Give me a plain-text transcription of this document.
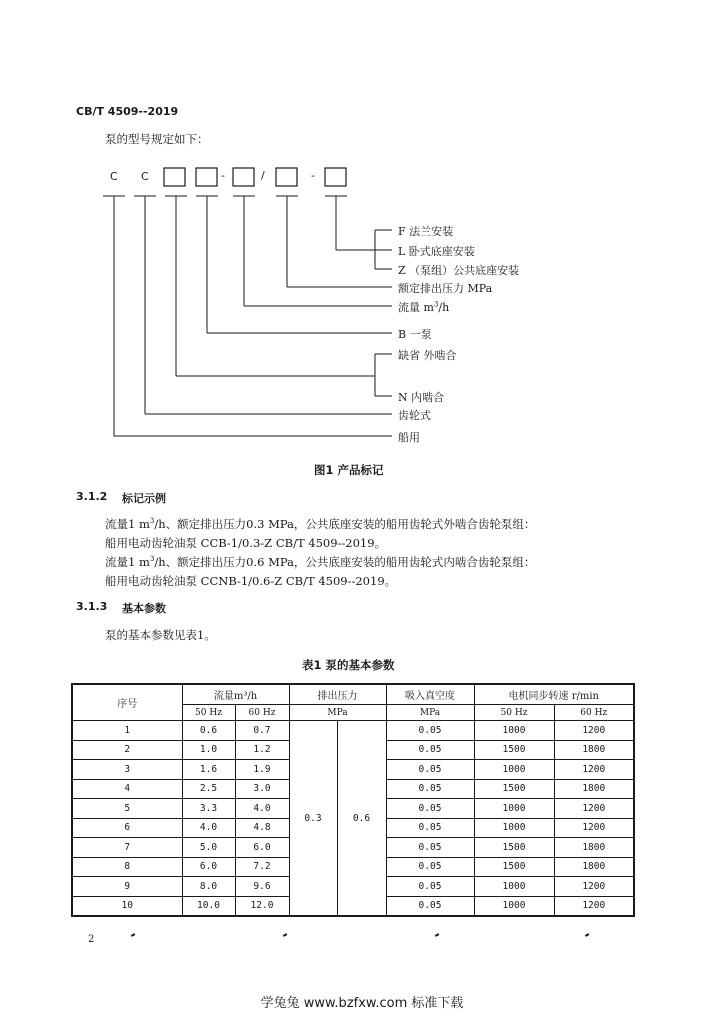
CB/T 4509--2019
泵的型号规定如下：
C C	-	/	-
F 法兰安装
L 卧式底座安装
Z （泵组）公共底座安装
额定排出压力 MPa
流量 $m^3/h$
B 一泵
缺省 外啮合
N 内啮合
齿轮式
船用
图1 产品标记
3.1.2 标记示例
流量1 $m^3/h$、额定排出压力0.3 MPa，公共底座安装的船用齿轮式外啮合齿轮泵组：
船用电动齿轮油泵 CCB-1/0.3-Z CB/T 4509--2019。
流量1 $m^3/h$、额定排出压力0.6 MPa，公共底座安装的船用齿轮式内啮合齿轮泵组：
船用电动齿轮油泵 CCNB-1/0.6-Z CB/T 4509--2019。
3.1.3 基本参数
泵的基本参数见表1。
表1 泵的基本参数
序号	流量m³/h		排出压力		吸入真空度	电机同步转速 r/min	
	50 Hz	60 Hz	MPa		MPa	50 Hz	60 Hz
1	0.6	0.7	0.3	0.6	0.05	1000	1200
2	1.0	1.2			0.05	1500	1800
3	1.6	1.9			0.05	1000	1200
4	2.5	3.0			0.05	1500	1800
5	3.3	4.0			0.05	1000	1200
6	4.0	4.8			0.05	1000	1200
7	5.0	6.0			0.05	1500	1800
8	6.0	7.2			0.05	1500	1800
9	8.0	9.6			0.05	1000	1200
10	10.0	12.0			0.05	1000	1200
2
学兔兔 www.bzfxw.com 标准下载
